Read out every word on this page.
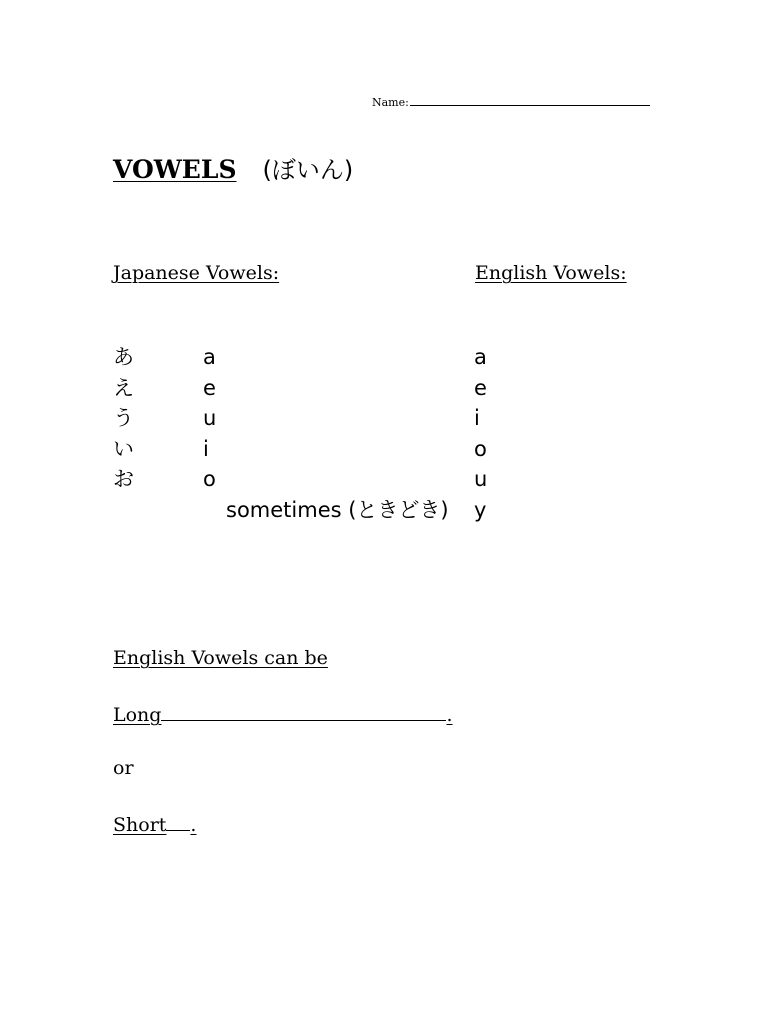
Name:
VOWELS (ぼいん)
Japanese Vowels:	English Vowels:
あ
え
う
い
お
a
e
u
i
o
a
e
i
o
u
y
sometimes (ときどき)
English Vowels can be
Long	.
or
Short .
